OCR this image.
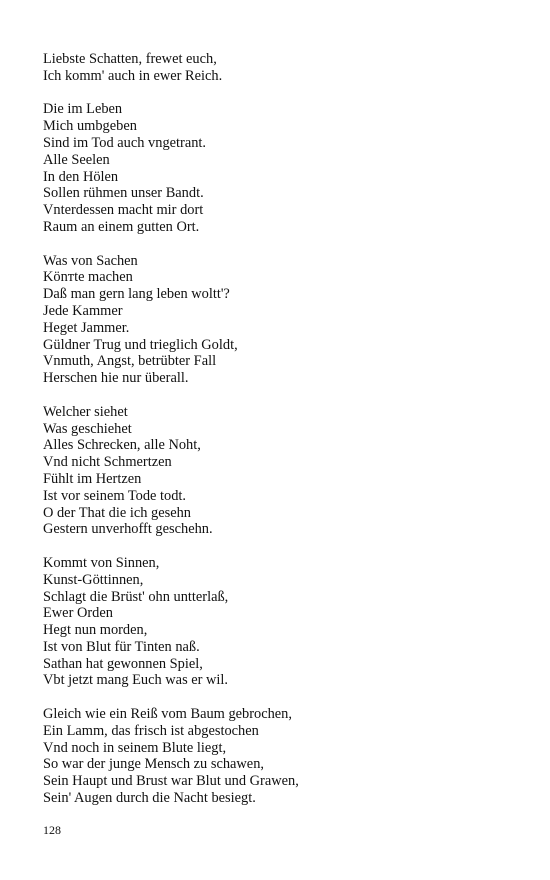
Liebste Schatten, frewet euch,
Ich komm' auch in ewer Reich.
Die im Leben
Mich umbgeben
Sind im Tod auch vngetrant.
Alle Seelen
In den Hölen
Sollen rühmen unser Bandt.
Vnterdessen macht mir dort
Raum an einem gutten Ort.
Was von Sachen
Könтte machen
Daß man gern lang leben woltt'?
Jede Kammer
Heget Jammer.
Güldner Trug und trieglich Goldt,
Vnmuth, Angst, betrübter Fall
Herschen hie nur überall.
Welcher siehet
Was geschiehet
Alles Schrecken, alle Noht,
Vnd nicht Schmertzen
Fühlt im Hertzen
Ist vor seinem Tode todt.
O der That die ich gesehn
Gestern unverhofft geschehn.
Kommt von Sinnen,
Kunst-Göttinnen,
Schlagt die Brüst' ohn untterlaß,
Ewer Orden
Hegt nun morden,
Ist von Blut für Tinten naß.
Sathan hat gewonnen Spiel,
Vbt jetzt mang Euch was er wil.
Gleich wie ein Reiß vom Baum gebrochen,
Ein Lamm, das frisch ist abgestochen
Vnd noch in seinem Blute liegt,
So war der junge Mensch zu schawen,
Sein Haupt und Brust war Blut und Grawen,
Sein' Augen durch die Nacht besiegt.
128
